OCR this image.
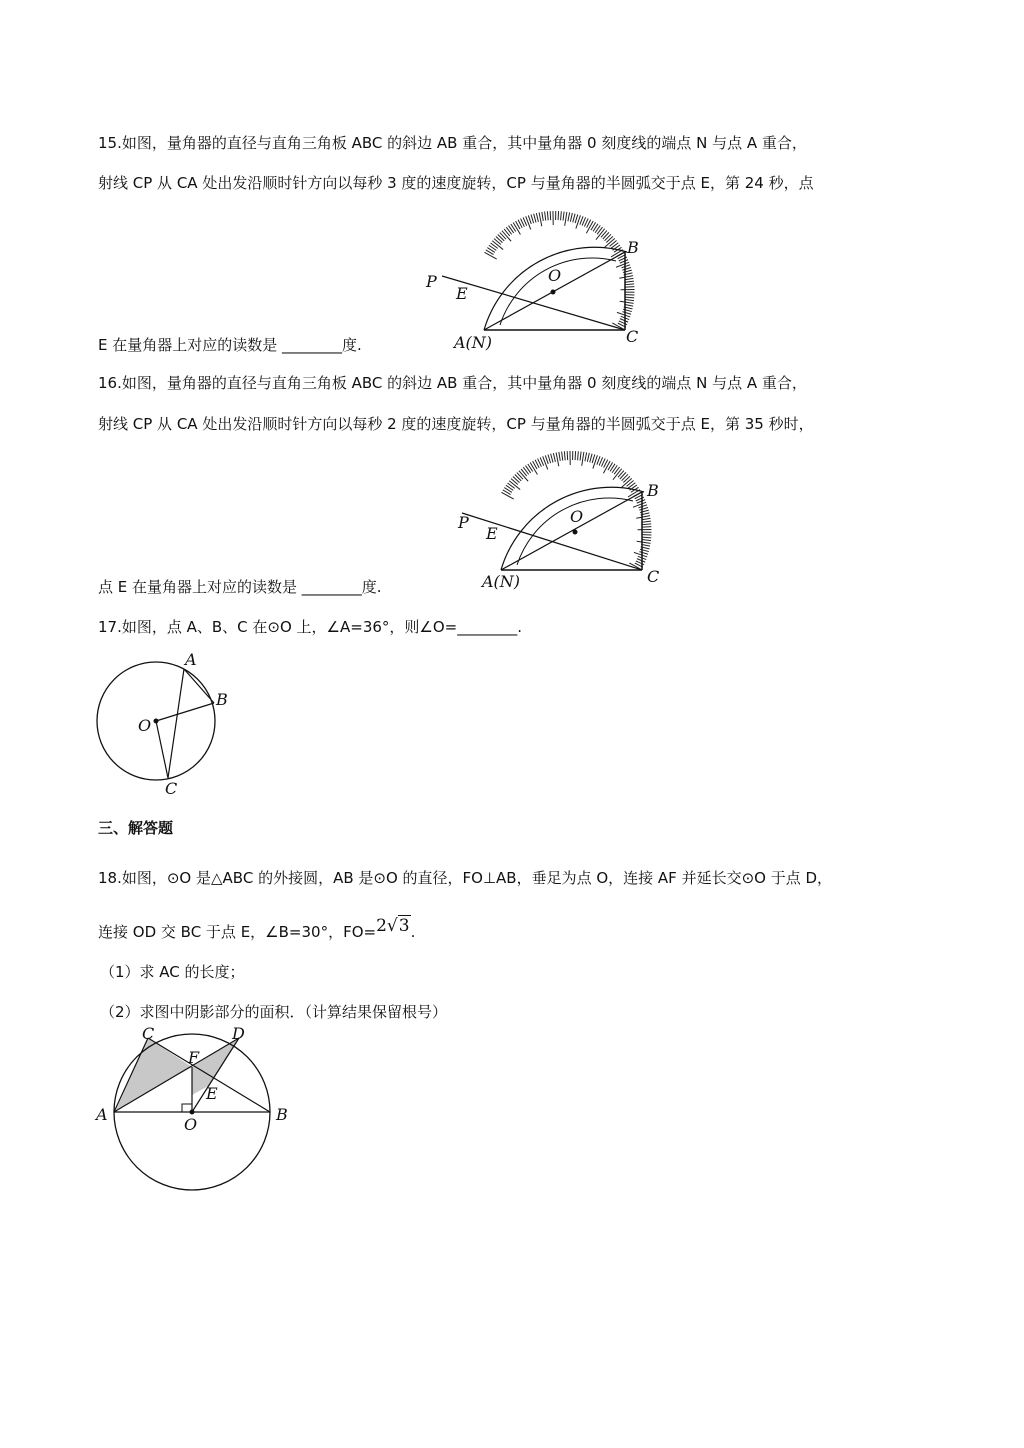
15.如图，量角器的直径与直角三角板 ABC 的斜边 AB 重合，其中量角器 0 刻度线的端点 N 与点 A 重合，
射线 CP 从 CA 处出发沿顺时针方向以每秒 3 度的速度旋转，CP 与量角器的半圆弧交于点 E，第 24 秒，点
P
E
O
B
A(N)	C
E 在量角器上对应的读数是 ________度.
16.如图，量角器的直径与直角三角板 ABC 的斜边 AB 重合，其中量角器 0 刻度线的端点 N 与点 A 重合，
射线 CP 从 CA 处出发沿顺时针方向以每秒 2 度的速度旋转，CP 与量角器的半圆弧交于点 E，第 35 秒时，
P
E
O
B
A(N)	C
点 E 在量角器上对应的读数是 ________度.
17.如图，点 A、B、C 在⊙O 上，∠A=36°，则∠O=________.
A
B
O
C
三、解答题
18.如图，⊙O 是△ABC 的外接圆，AB 是⊙O 的直径，FO⊥AB，垂足为点 O，连接 AF 并延长交⊙O 于点 D，
连接 OD 交 BC 于点 E，∠B=30°，FO=2√3.
（1）求 AC 的长度；
（2）求图中阴影部分的面积．（计算结果保留根号）
C	D
F
E
A	B
O
